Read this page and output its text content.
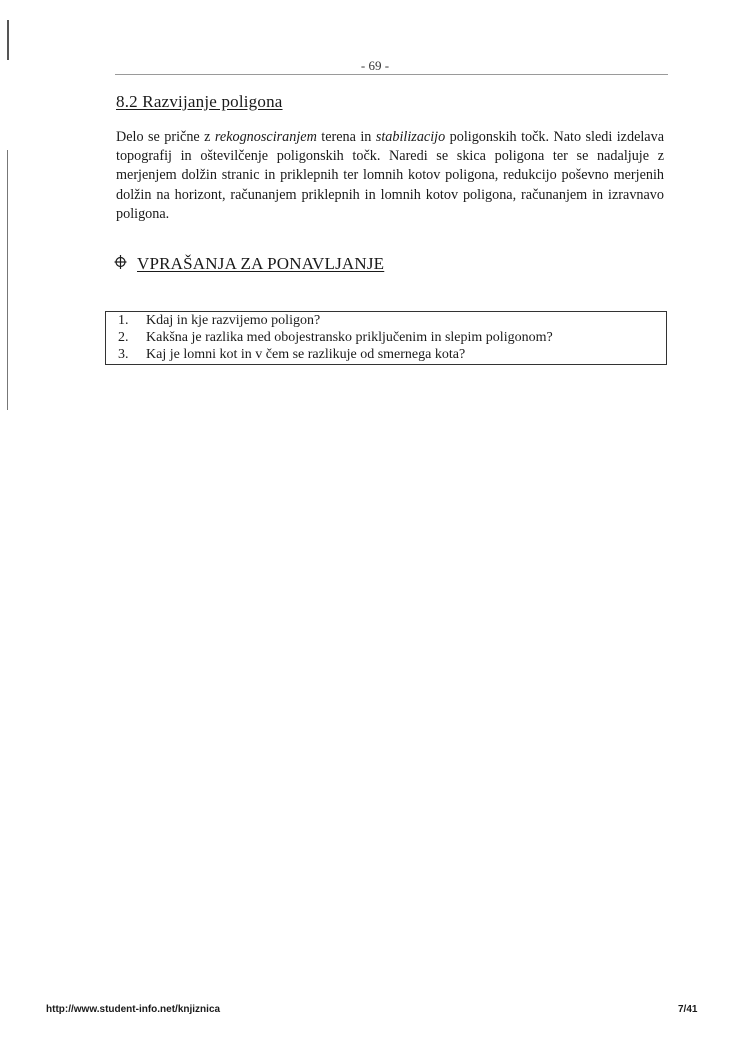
- 69 -
8.2 Razvijanje poligona

Delo se prične z rekognosciranjem terena in stabilizacijo poligonskih točk. Nato sledi izdelava topografij in oštevilčenje poligonskih točk. Naredi se skica poligona ter se nadaljuje z merjenjem dolžin stranic in priklepnih ter lomnih kotov poligona, redukcijo poševno merjenih dolžin na horizont, računanjem priklepnih in lomnih kotov poligona, računanjem in izravnavo poligona.

VPRAŠANJA ZA PONAVLJANJE
1. Kdaj in kje razvijemo poligon?
2. Kakšna je razlika med obojestransko priključenim in slepim poligonom?
3. Kaj je lomni kot in v čem se razlikuje od smernega kota?
http://www.student-info.net/knjiznica	7/41
